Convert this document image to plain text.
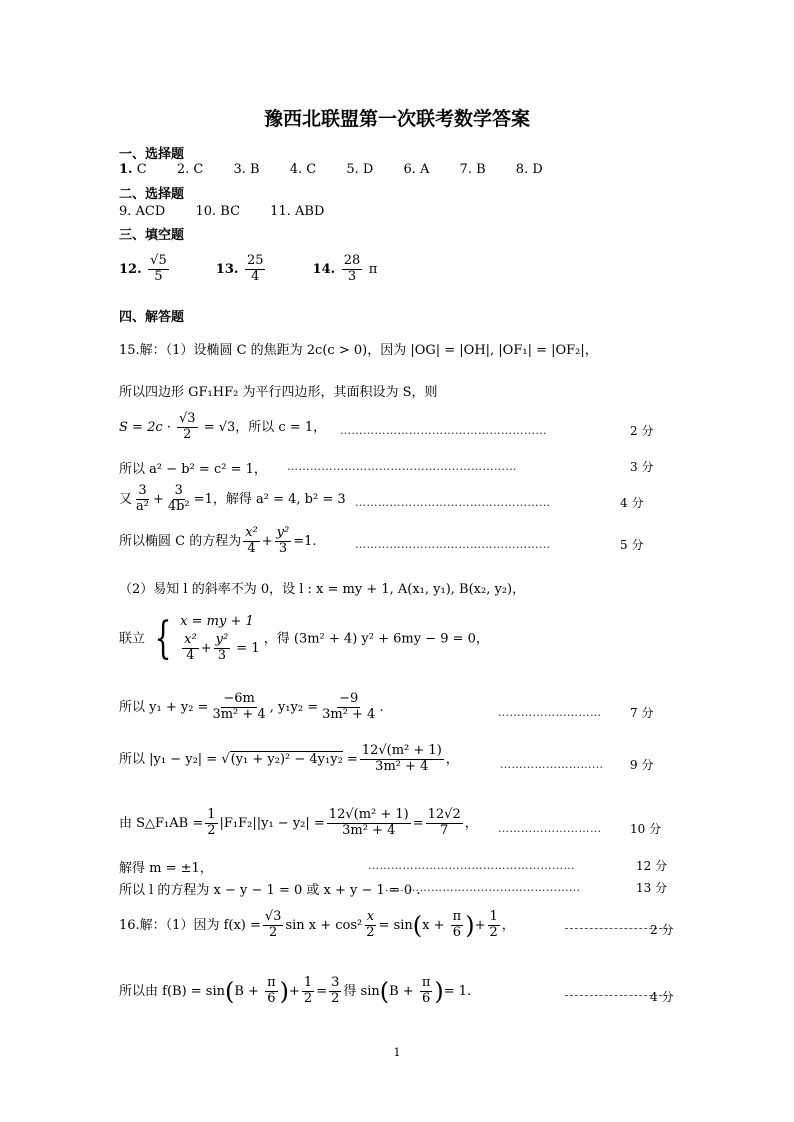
豫西北联盟第一次联考数学答案
一、选择题
1. C 2. C 3. B 4. C 5. D 6. A 7. B 8. D
二、选择题
9. ACD 10. BC 11. ABD
三、填空题
12. $\frac{√5}{5}$	13. $\frac{25}{4}$	14. $\frac{28}{3}$ π
四、解答题
15.解：（1）设椭圆 C 的焦距为 2c(c > 0)，因为 |OG| = |OH|, |OF₁| = |OF₂|，
所以四边形 GF₁HF₂ 为平行四边形，其面积设为 S，则
$S = 2c \cdot \frac{√3}{2} = √3$，所以 c = 1， ………………………………………………	2 分
所以 a² − b² = c² = 1， ……………………………………………………	3 分
又 $\frac{3}{\text{a²}} + \frac{3}{\text{4b²}} =1$，解得 a² = 4, b² = 3 ……………………………………………	4 分
所以椭圆 C 的方程为 $\frac{\text{x²}}{4} + \frac{\text{y²}}{3} =1$.	……………………………………………	5 分
（2）易知 l 的斜率不为 0，设 l : x = my + 1, A(x₁, y₁), B(x₂, y₂)，
联立 { x = my + 1
$\frac{\text{x²}}{4} + \frac{\text{y²}}{3} = 1$
，得 (3m² + 4) y² + 6my − 9 = 0，
所以 $y_1 + y_2 = \frac{-6m}{\text{3m² + 4}}$ , $y_1y_2 = \frac{-9}{\text{3m² + 4}}$ .	……………………… 7 分
所以 $|y_1 - y_2| = √(y_1 + y_2)^2 - 4y_1y_2 = \frac{\text{12√(m² + 1)}}{\text{3m² + 4}}$ ，	……………………… 9 分
由 S△F₁AB = $\frac{1}{2} |F_1F_2||y_1 - y_2| = \frac{\text{12√(m² + 1)}}{\text{3m² + 4}} = \frac{12√2}{7}$ ， ……………………… 10 分
解得 m = ±1，	………………………………………………	12 分
所以 l 的方程为 x − y − 1 = 0 或 x + y − 1 = 0 .
……………………………………………	13 分
16.解：（1）因为 $f(x) = \frac{√3}{2}$ $\sin x + \cos^2 \frac{x}{2} = \sin(x + \frac{\pi}{6}$ )+ $\frac{1}{2}$ ，	2 分
所以由 $f(B) = \sin(B + \frac{\pi}{6}$ )+ $\frac{1}{2} = \frac{3}{2}$ 得 $\sin(B + \frac{\pi}{6}$ )= 1.	4 分
1
